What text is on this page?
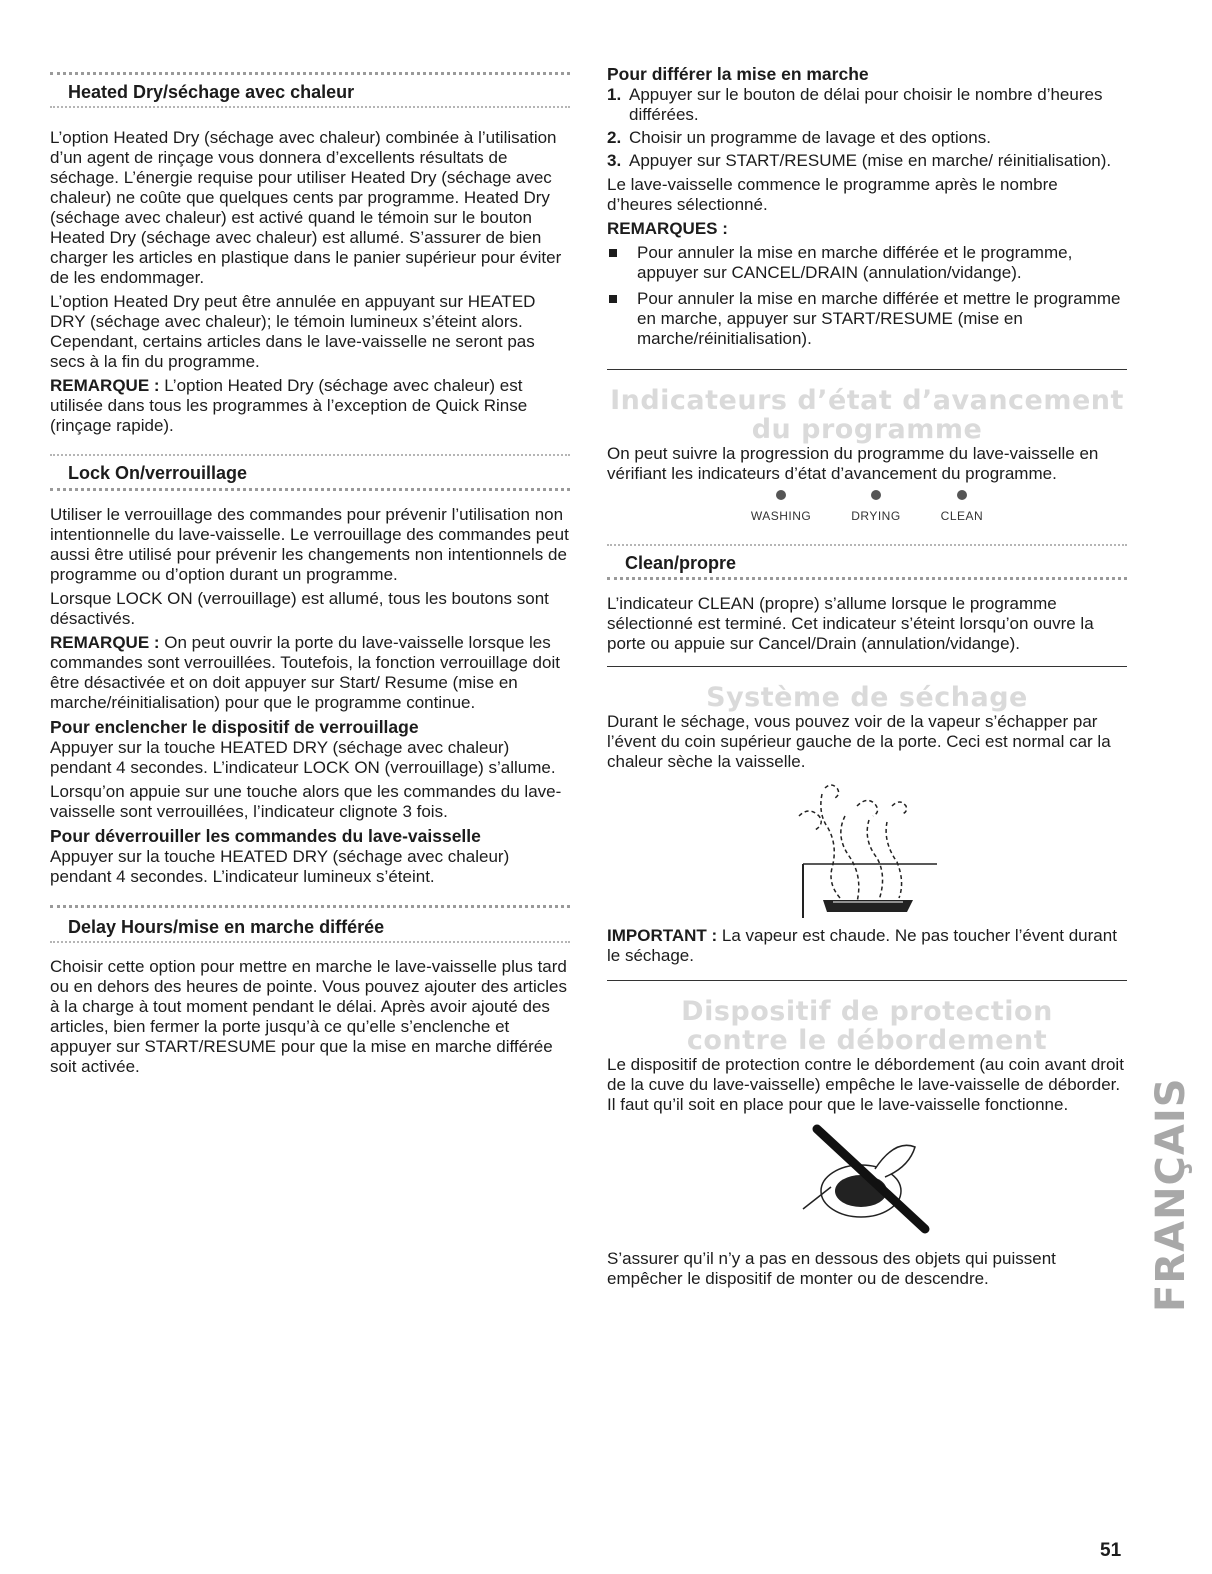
Heated Dry/séchage avec chaleur

L’option Heated Dry (séchage avec chaleur) combinée à l’utilisation d’un agent de rinçage vous donnera d’excellents résultats de séchage. L’énergie requise pour utiliser Heated Dry (séchage avec chaleur) ne coûte que quelques cents par programme. Heated Dry (séchage avec chaleur) est activé quand le témoin sur le bouton Heated Dry (séchage avec chaleur) est allumé. S’assurer de bien charger les articles en plastique dans le panier supérieur pour éviter de les endommager.

L’option Heated Dry peut être annulée en appuyant sur HEATED DRY (séchage avec chaleur); le témoin lumineux s’éteint alors. Cependant, certains articles dans le lave-vaisselle ne seront pas secs à la fin du programme.

REMARQUE : L’option Heated Dry (séchage avec chaleur) est utilisée dans tous les programmes à l’exception de Quick Rinse (rinçage rapide).

Lock On/verrouillage

Utiliser le verrouillage des commandes pour prévenir l’utilisation non intentionnelle du lave-vaisselle. Le verrouillage des commandes peut aussi être utilisé pour prévenir les changements non intentionnels de programme ou d’option durant un programme.

Lorsque LOCK ON (verrouillage) est allumé, tous les boutons sont désactivés.

REMARQUE : On peut ouvrir la porte du lave-vaisselle lorsque les commandes sont verrouillées. Toutefois, la fonction verrouillage doit être désactivée et on doit appuyer sur Start/ Resume (mise en marche/réinitialisation) pour que le programme continue.

Pour enclencher le dispositif de verrouillage

Appuyer sur la touche HEATED DRY (séchage avec chaleur) pendant 4 secondes. L’indicateur LOCK ON (verrouillage) s’allume.

Lorsqu’on appuie sur une touche alors que les commandes du lave-vaisselle sont verrouillées, l’indicateur clignote 3 fois.

Pour déverrouiller les commandes du lave-vaisselle

Appuyer sur la touche HEATED DRY (séchage avec chaleur) pendant 4 secondes. L’indicateur lumineux s’éteint.

Delay Hours/mise en marche différée

Choisir cette option pour mettre en marche le lave-vaisselle plus tard ou en dehors des heures de pointe. Vous pouvez ajouter des articles à la charge à tout moment pendant le délai. Après avoir ajouté des articles, bien fermer la porte jusqu’à ce qu’elle s’enclenche et appuyer sur START/RESUME pour que la mise en marche différée soit activée.

Pour différer la mise en marche
1. Appuyer sur le bouton de délai pour choisir le nombre d’heures différées.
2. Choisir un programme de lavage et des options.
3. Appuyer sur START/RESUME (mise en marche/ réinitialisation).

Le lave-vaisselle commence le programme après le nombre d’heures sélectionné.

REMARQUES :

Pour annuler la mise en marche différée et le programme, appuyer sur CANCEL/DRAIN (annulation/vidange).
Pour annuler la mise en marche différée et mettre le programme en marche, appuyer sur START/RESUME (mise en marche/réinitialisation).
Indicateurs d’état d’avancement
du programme

On peut suivre la progression du programme du lave-vaisselle en vérifiant les indicateurs d’état d’avancement du programme.

WASHING	DRYING	CLEAN
Clean/propre

L’indicateur CLEAN (propre) s’allume lorsque le programme sélectionné est terminé. Cet indicateur s’éteint lorsqu’on ouvre la porte ou appuie sur Cancel/Drain (annulation/vidange).

Système de séchage

Durant le séchage, vous pouvez voir de la vapeur s’échapper par l’évent du coin supérieur gauche de la porte. Ceci est normal car la chaleur sèche la vaisselle.

IMPORTANT : La vapeur est chaude. Ne pas toucher l’évent durant le séchage.

Dispositif de protection
contre le débordement

Le dispositif de protection contre le débordement (au coin avant droit de la cuve du lave-vaisselle) empêche le lave-vaisselle de déborder. Il faut qu’il soit en place pour que le lave-vaisselle fonctionne.

S’assurer qu’il n’y a pas en dessous des objets qui puissent empêcher le dispositif de monter ou de descendre.	FRANÇAIS
51
